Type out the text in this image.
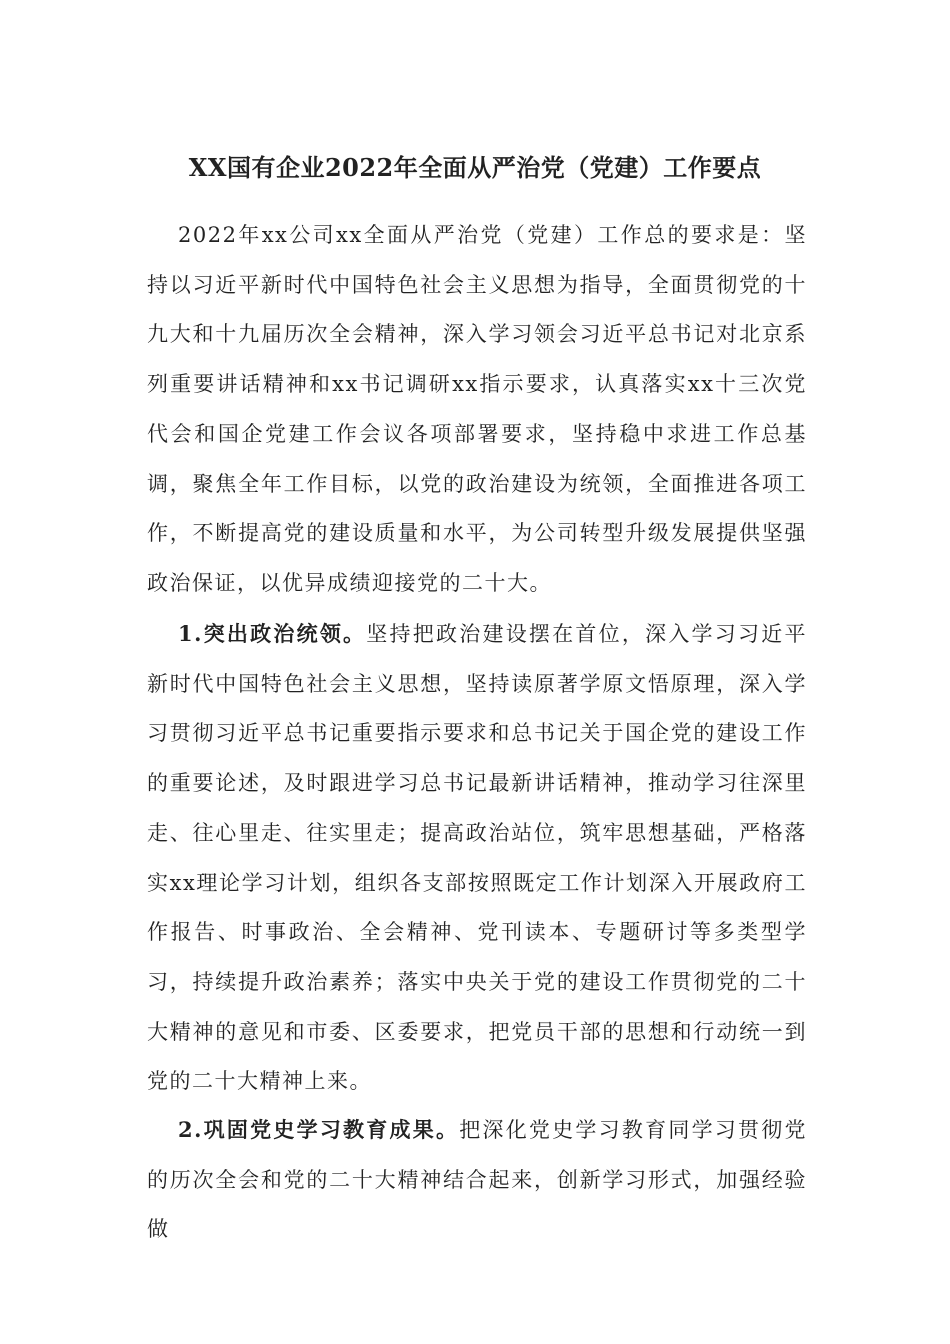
XX国有企业2022年全面从严治党（党建）工作要点

2022年xx公司xx全面从严治党（党建）工作总的要求是：坚持以习近平新时代中国特色社会主义思想为指导，全面贯彻党的十九大和十九届历次全会精神，深入学习领会习近平总书记对北京系列重要讲话精神和xx书记调研xx指示要求，认真落实xx十三次党代会和国企党建工作会议各项部署要求，坚持稳中求进工作总基调，聚焦全年工作目标，以党的政治建设为统领，全面推进各项工作，不断提高党的建设质量和水平，为公司转型升级发展提供坚强政治保证，以优异成绩迎接党的二十大。

1.突出政治统领。坚持把政治建设摆在首位，深入学习习近平新时代中国特色社会主义思想，坚持读原著学原文悟原理，深入学习贯彻习近平总书记重要指示要求和总书记关于国企党的建设工作的重要论述，及时跟进学习总书记最新讲话精神，推动学习往深里走、往心里走、往实里走；提高政治站位，筑牢思想基础，严格落实xx理论学习计划，组织各支部按照既定工作计划深入开展政府工作报告、时事政治、全会精神、党刊读本、专题研讨等多类型学习，持续提升政治素养；落实中央关于党的建设工作贯彻党的二十大精神的意见和市委、区委要求，把党员干部的思想和行动统一到党的二十大精神上来。

2.巩固党史学习教育成果。把深化党史学习教育同学习贯彻党的历次全会和党的二十大精神结合起来，创新学习形式，加强经验做
